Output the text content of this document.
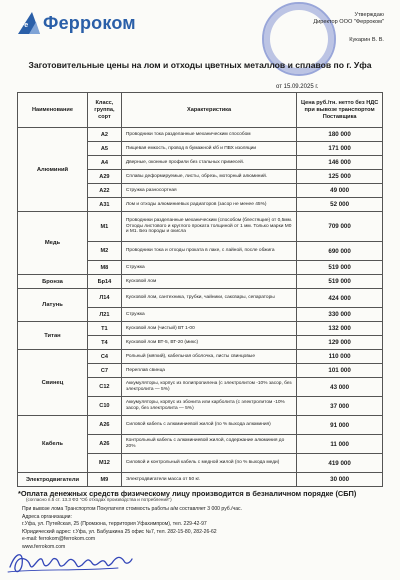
Fe Ферроком	Утверждаю
Директор ООО "Ферроком"
Кукарин В. В.
Заготовительные цены на лом и отходы цветных металлов и сплавов по г. Уфа
от 15.09.2025 г.
Наименование	Класс, группа, сорт	Характеристика	Цена руб./тн. нетто без НДС при вывозе транспортом Поставщика
Алюминий	А2	Проводники тока разделанные механическим способом	180 000
	А5	Пищевая емкость, провод в бумажной к/б и ПВХ изоляции	171 000
	А4	Дверные, оконные профили без стальных примесей.	146 000
	А29	Сплавы деформируемые, листы, обрезь, моторный алюминий.	125 000
	А22	Стружка разносортная	49 000
	А31	Лом и отходы алюминиевых радиаторов (засор не менее 45%)	52 000
Медь	М1	Проводники разделанные механическим (способом (блестящие) от 0,5мм. Отходы листового и круглого проката толщиной от 1 мм. Только марки М0 и М1. Без породы и окисла	709 000
	М2	Проводники тока и отходы проката в лаке, с лайной, после обжига	690 000
	М8	Стружка	519 000
Бронза	Бр14	Кусковой лом	519 000
Латунь	Л14	Кусковой лом, сантехника, трубки, чайники, саксвары, сепараторы	424 000
	Л21	Стружка	330 000
Титан	Т1	Кусковой лом (чистый) ВТ 1-00	132 000
	Т4	Кусковой лом ВТ-5, ВТ-20 (микс)	129 000
Свинец	С4	Рольный (мягкий), кабельная оболочка, листы свинцовые	110 000
	С7	Переплав свинца	101 000
	С12	Аккумуляторы, корпус из полипропилена (с электролитом -10% засор, без электролита — 5%)	43 000
	С10	Аккумуляторы, корпус из эбонита или карболита (с электролитом -10% засор, без электролита — 5%)	37 000
Кабель	А26	Силовой кабель с алюминиевой жилой (по % выхода алюминия)	91 000
	А26	Контрольный кабель с алюминиевой жилой, содержание алюминия до 20%	11 000
	М12	Силовой и контрольный кабель с медной жилой (по % выхода меди)	419 000
Электродвигатели	М9	Электродвигатели масса от 50 кг.	30 000
*Оплата денежных средств физическому лицу производится в безналичном порядке (СБП)
(согласно п.5 ст. 13.3 ФЗ "Об отходах производства и потребления")
При вывозе лома Транспортом Покупателя стоимость работы а/м составляет 3 000 руб./час.
Адреса организации:
г.Уфа, ул. Путейская, 25 (Промзона, территория Уфахимпром), тел. 229-42-97
Юридический адрес: г.Уфа, ул. Бабушкина 25 офис №7, тел. 282-15-80, 282-26-62
e-mail: ferrokom@ferrokom.com
www.ferrokom.com
